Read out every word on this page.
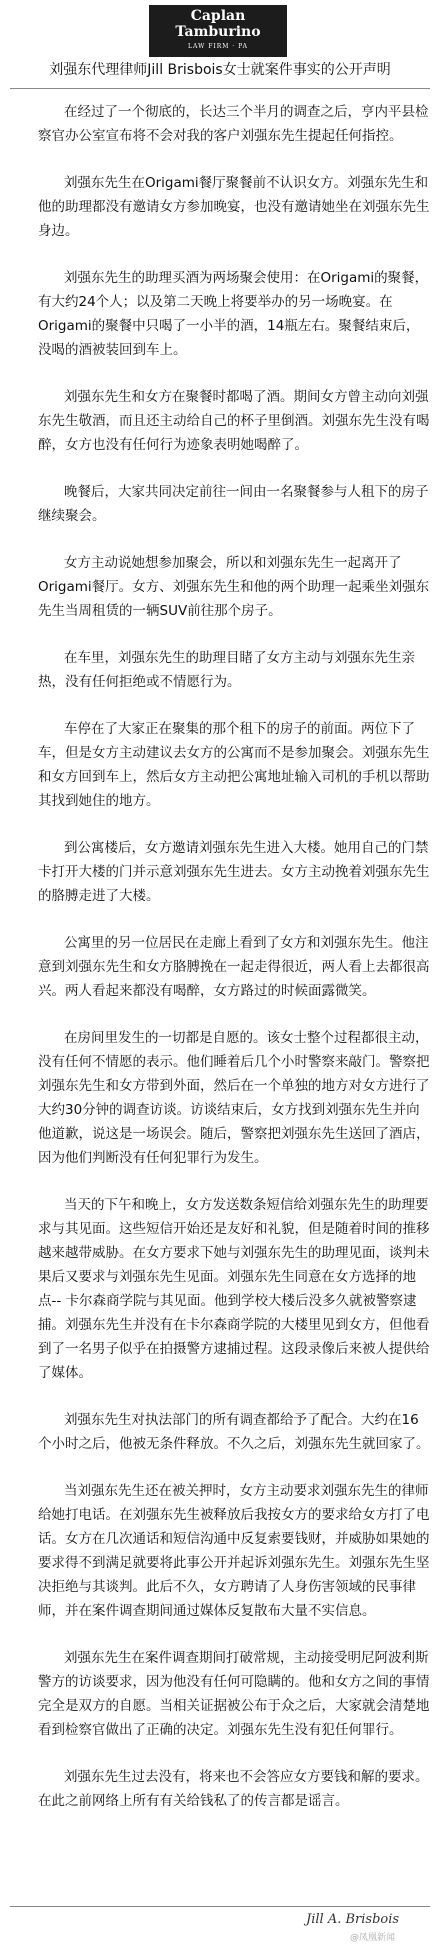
Caplan
Tamburino
LAW FIRM · PA
刘强东代理律师Jill Brisbois女士就案件事实的公开声明

在经过了一个彻底的，长达三个半月的调查之后，亨内平县检察官办公室宣布将不会对我的客户刘强东先生提起任何指控。

刘强东先生在Origami餐厅聚餐前不认识女方。刘强东先生和他的助理都没有邀请女方参加晚宴，也没有邀请她坐在刘强东先生身边。

刘强东先生的助理买酒为两场聚会使用：在Origami的聚餐，有大约24个人；以及第二天晚上将要举办的另一场晚宴。在Origami的聚餐中只喝了一小半的酒，14瓶左右。聚餐结束后，没喝的酒被装回到车上。

刘强东先生和女方在聚餐时都喝了酒。期间女方曾主动向刘强东先生敬酒，而且还主动给自己的杯子里倒酒。刘强东先生没有喝醉，女方也没有任何行为迹象表明她喝醉了。

晚餐后，大家共同决定前往一间由一名聚餐参与人租下的房子继续聚会。

女方主动说她想参加聚会，所以和刘强东先生一起离开了Origami餐厅。女方、刘强东先生和他的两个助理一起乘坐刘强东先生当周租赁的一辆SUV前往那个房子。

在车里，刘强东先生的助理目睹了女方主动与刘强东先生亲热，没有任何拒绝或不情愿行为。

车停在了大家正在聚集的那个租下的房子的前面。两位下了车，但是女方主动建议去女方的公寓而不是参加聚会。刘强东先生和女方回到车上，然后女方主动把公寓地址输入司机的手机以帮助其找到她住的地方。

到公寓楼后，女方邀请刘强东先生进入大楼。她用自己的门禁卡打开大楼的门并示意刘强东先生进去。女方主动挽着刘强东先生的胳膊走进了大楼。

公寓里的另一位居民在走廊上看到了女方和刘强东先生。他注意到刘强东先生和女方胳膊挽在一起走得很近，两人看上去都很高兴。两人看起来都没有喝醉，女方路过的时候面露微笑。

在房间里发生的一切都是自愿的。该女士整个过程都很主动，没有任何不情愿的表示。他们睡着后几个小时警察来敲门。警察把刘强东先生和女方带到外面，然后在一个单独的地方对女方进行了大约30分钟的调查访谈。访谈结束后，女方找到刘强东先生并向他道歉，说这是一场误会。随后，警察把刘强东先生送回了酒店，因为他们判断没有任何犯罪行为发生。

当天的下午和晚上，女方发送数条短信给刘强东先生的助理要求与其见面。这些短信开始还是友好和礼貌，但是随着时间的推移越来越带威胁。在女方要求下她与刘强东先生的助理见面，谈判未果后又要求与刘强东先生见面。刘强东先生同意在女方选择的地点-- 卡尔森商学院与其见面。他到学校大楼后没多久就被警察逮捕。刘强东先生并没有在卡尔森商学院的大楼里见到女方，但他看到了一名男子似乎在拍摄警方逮捕过程。这段录像后来被人提供给了媒体。

刘强东先生对执法部门的所有调查都给予了配合。大约在16个小时之后，他被无条件释放。不久之后，刘强东先生就回家了。

当刘强东先生还在被关押时，女方主动要求刘强东先生的律师给她打电话。在刘强东先生被释放后我按女方的要求给女方打了电话。女方在几次通话和短信沟通中反复索要钱财，并威胁如果她的要求得不到满足就要将此事公开并起诉刘强东先生。刘强东先生坚决拒绝与其谈判。此后不久，女方聘请了人身伤害领域的民事律师，并在案件调查期间通过媒体反复散布大量不实信息。

刘强东先生在案件调查期间打破常规，主动接受明尼阿波利斯警方的访谈要求，因为他没有任何可隐瞒的。他和女方之间的事情完全是双方的自愿。当相关证据被公布于众之后，大家就会清楚地看到检察官做出了正确的决定。刘强东先生没有犯任何罪行。

刘强东先生过去没有，将来也不会答应女方要钱和解的要求。在此之前网络上所有有关给钱私了的传言都是谣言。

Jill A. Brisbois
@凤凰新闻
